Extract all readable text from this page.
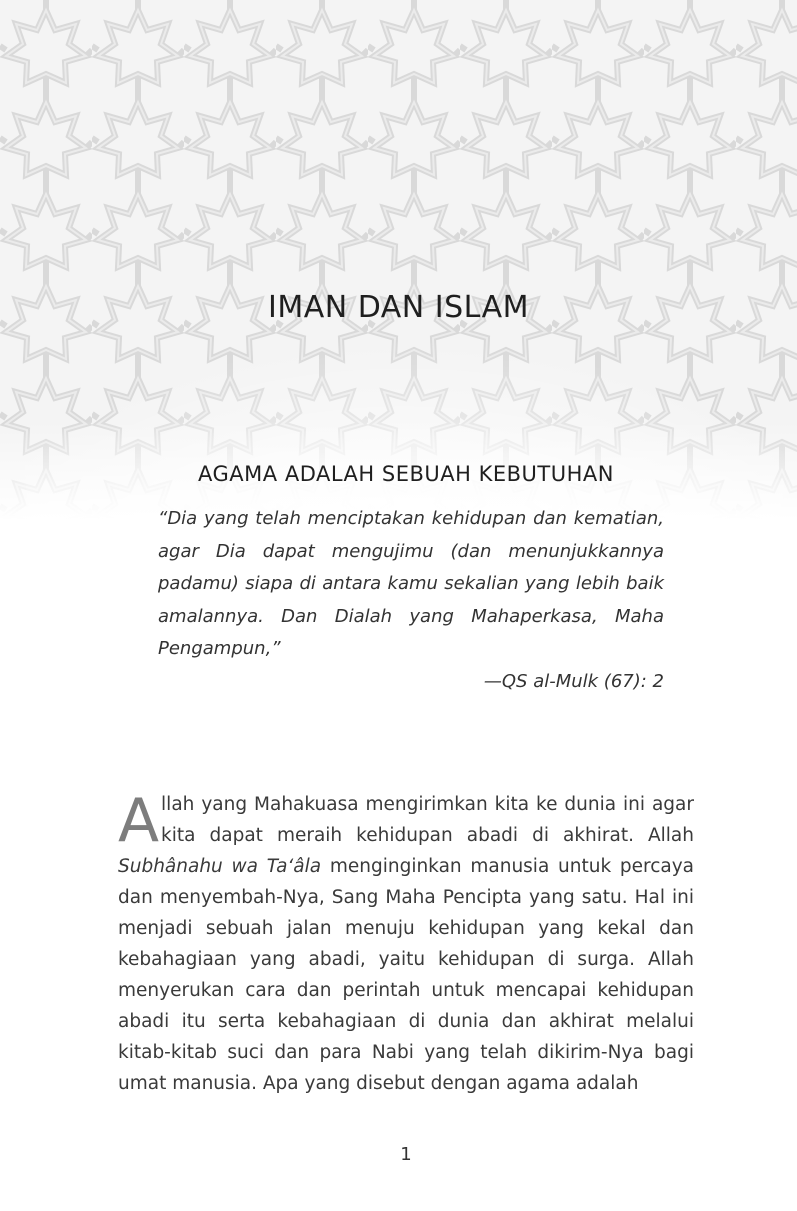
IMAN DAN ISLAM
AGAMA ADALAH SEBUAH KEBUTUHAN
“Dia yang telah menciptakan kehidupan dan kematian, agar Dia dapat mengujimu (dan menunjukkannya padamu) siapa di antara kamu sekalian yang lebih baik amalannya. Dan Dialah yang Mahaperkasa, Maha Pengampun,”
—QS al-Mulk (67): 2

Allah yang Mahakuasa mengirimkan kita ke dunia ini agar kita dapat meraih kehidupan abadi di akhirat. Allah Subhânahu wa Ta‘âla menginginkan manusia untuk percaya dan menyembah-Nya, Sang Maha Pencipta yang satu. Hal ini menjadi sebuah jalan menuju kehidupan yang kekal dan kebahagiaan yang abadi, yaitu kehidupan di surga. Allah menyerukan cara dan perintah untuk mencapai kehidupan abadi itu serta kebahagiaan di dunia dan akhirat melalui kitab-kitab suci dan para Nabi yang telah dikirim-Nya bagi umat manusia. Apa yang disebut dengan agama adalah

1
